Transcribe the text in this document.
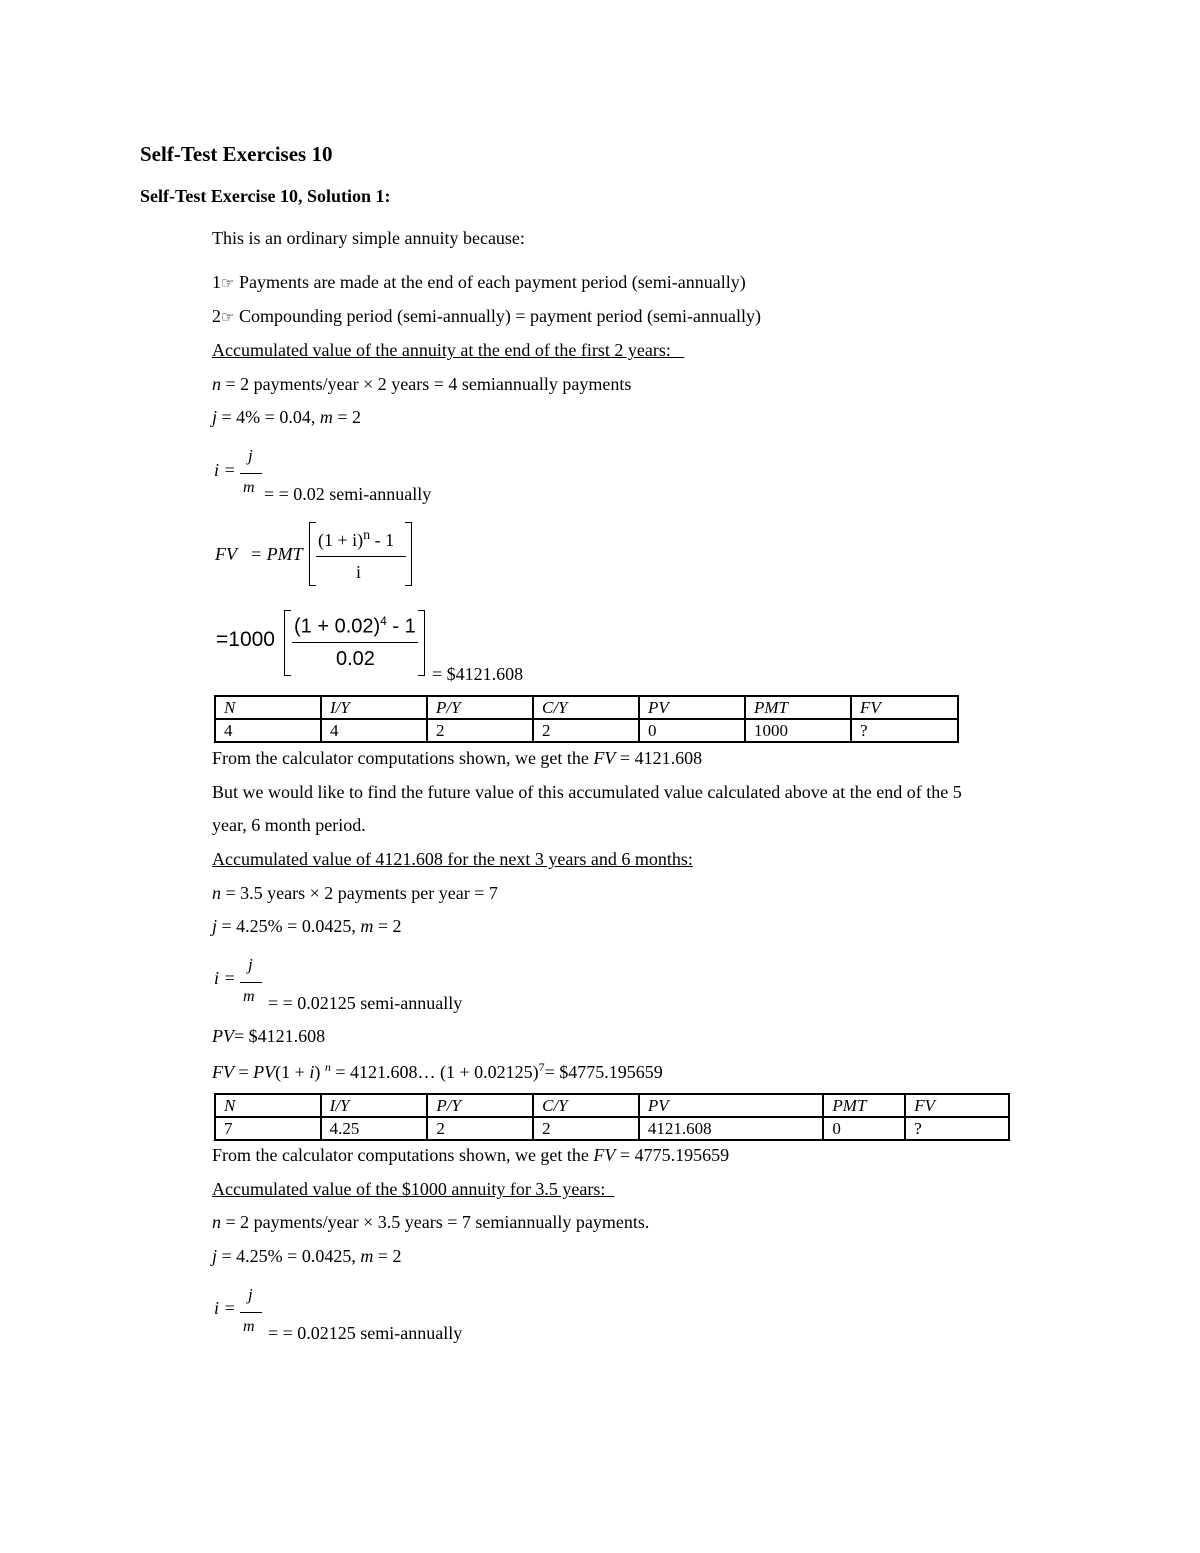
Self-Test Exercises 10
Self-Test Exercise 10, Solution 1:
This is an ordinary simple annuity because:
1☞ Payments are made at the end of each payment period (semi-annually)
2☞ Compounding period (semi-annually) = payment period (semi-annually)
Accumulated value of the annuity at the end of the first 2 years:
n = 2 payments/year × 2 years = 4 semiannually payments
j = 4% = 0.04, m = 2
i =
j
m = = 0.02 semi-annually
FV = PMT
$(1 + i)^n - 1$
i
=1000
$(1 + 0.02)^4 - 1$
0.02
= $4121.608
N	I/Y	P/Y	C/Y	PV	PMT	FV
4	4	2	2	0	1000	?
From the calculator computations shown, we get the FV = 4121.608
But we would like to find the future value of this accumulated value calculated above at the end of the 5
year, 6 month period.
Accumulated value of 4121.608 for the next 3 years and 6 months:
n = 3.5 years × 2 payments per year = 7
j = 4.25% = 0.0425, m = 2
i =
j
m = = 0.02125 semi-annually
PV= $4121.608
FV = PV(1 + i) $^n$ = 4121.608… $(1 + 0.02125)^7=$ $4775.195659
N	I/Y	P/Y	C/Y	PV	PMT	FV
7	4.25	2	2	4121.608	0	?
From the calculator computations shown, we get the FV = 4775.195659
Accumulated value of the $1000 annuity for 3.5 years:
n = 2 payments/year × 3.5 years = 7 semiannually payments.
j = 4.25% = 0.0425, m = 2
i =
j
m = = 0.02125 semi-annually
